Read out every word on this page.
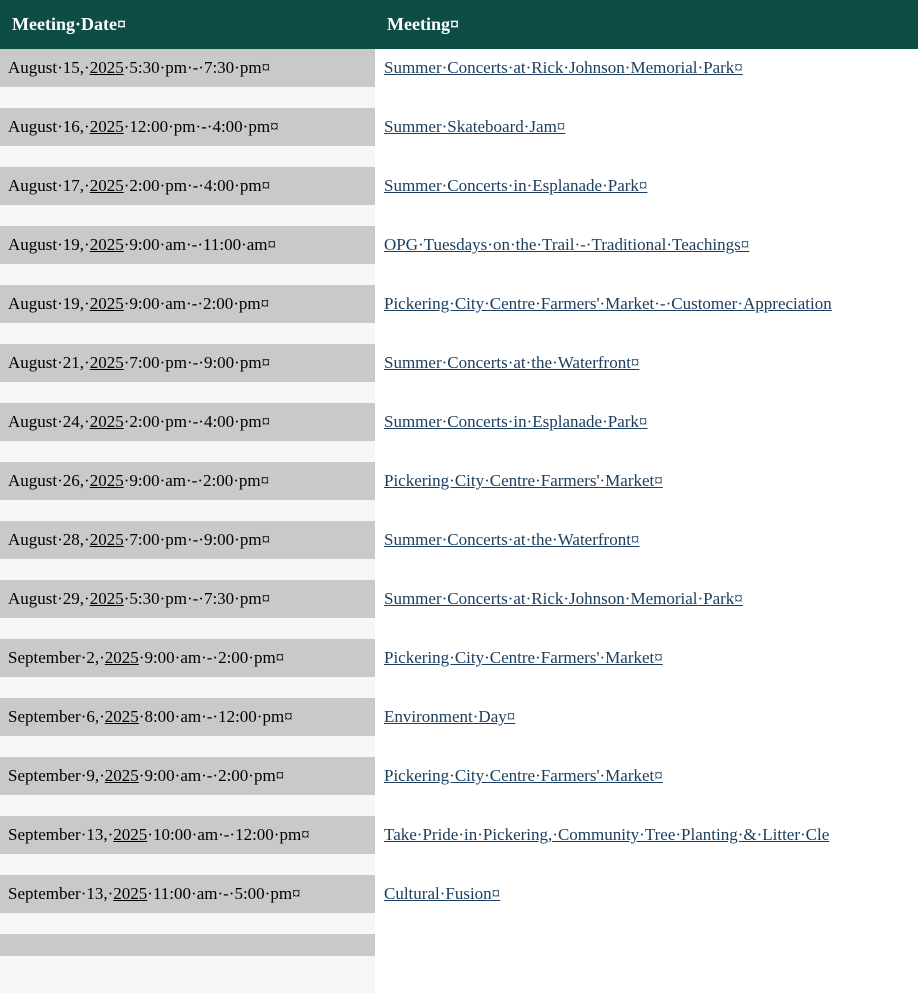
Meeting·Date¤	Meeting¤

August·15,·2025·5:30·pm·-·7:30·pm¤	Summer·Concerts·at·Rick·Johnson·Memorial·Park¤

August·16,·2025·12:00·pm·-·4:00·pm¤	Summer·Skateboard·Jam¤

August·17,·2025·2:00·pm·-·4:00·pm¤	Summer·Concerts·in·Esplanade·Park¤

August·19,·2025·9:00·am·-·11:00·am¤	OPG·Tuesdays·on·the·Trail·-·Traditional·Teachings¤

August·19,·2025·9:00·am·-·2:00·pm¤	Pickering·City·Centre·Farmers'·Market·-·Customer·Appreciation

August·21,·2025·7:00·pm·-·9:00·pm¤	Summer·Concerts·at·the·Waterfront¤

August·24,·2025·2:00·pm·-·4:00·pm¤	Summer·Concerts·in·Esplanade·Park¤

August·26,·2025·9:00·am·-·2:00·pm¤	Pickering·City·Centre·Farmers'·Market¤

August·28,·2025·7:00·pm·-·9:00·pm¤	Summer·Concerts·at·the·Waterfront¤

August·29,·2025·5:30·pm·-·7:30·pm¤	Summer·Concerts·at·Rick·Johnson·Memorial·Park¤

September·2,·2025·9:00·am·-·2:00·pm¤	Pickering·City·Centre·Farmers'·Market¤

September·6,·2025·8:00·am·-·12:00·pm¤	Environment·Day¤

September·9,·2025·9:00·am·-·2:00·pm¤	Pickering·City·Centre·Farmers'·Market¤

September·13,·2025·10:00·am·-·12:00·pm¤	Take·Pride·in·Pickering,·Community·Tree·Planting·&·Litter·Cle

September·13,·2025·11:00·am·-·5:00·pm¤	Cultural·Fusion¤
